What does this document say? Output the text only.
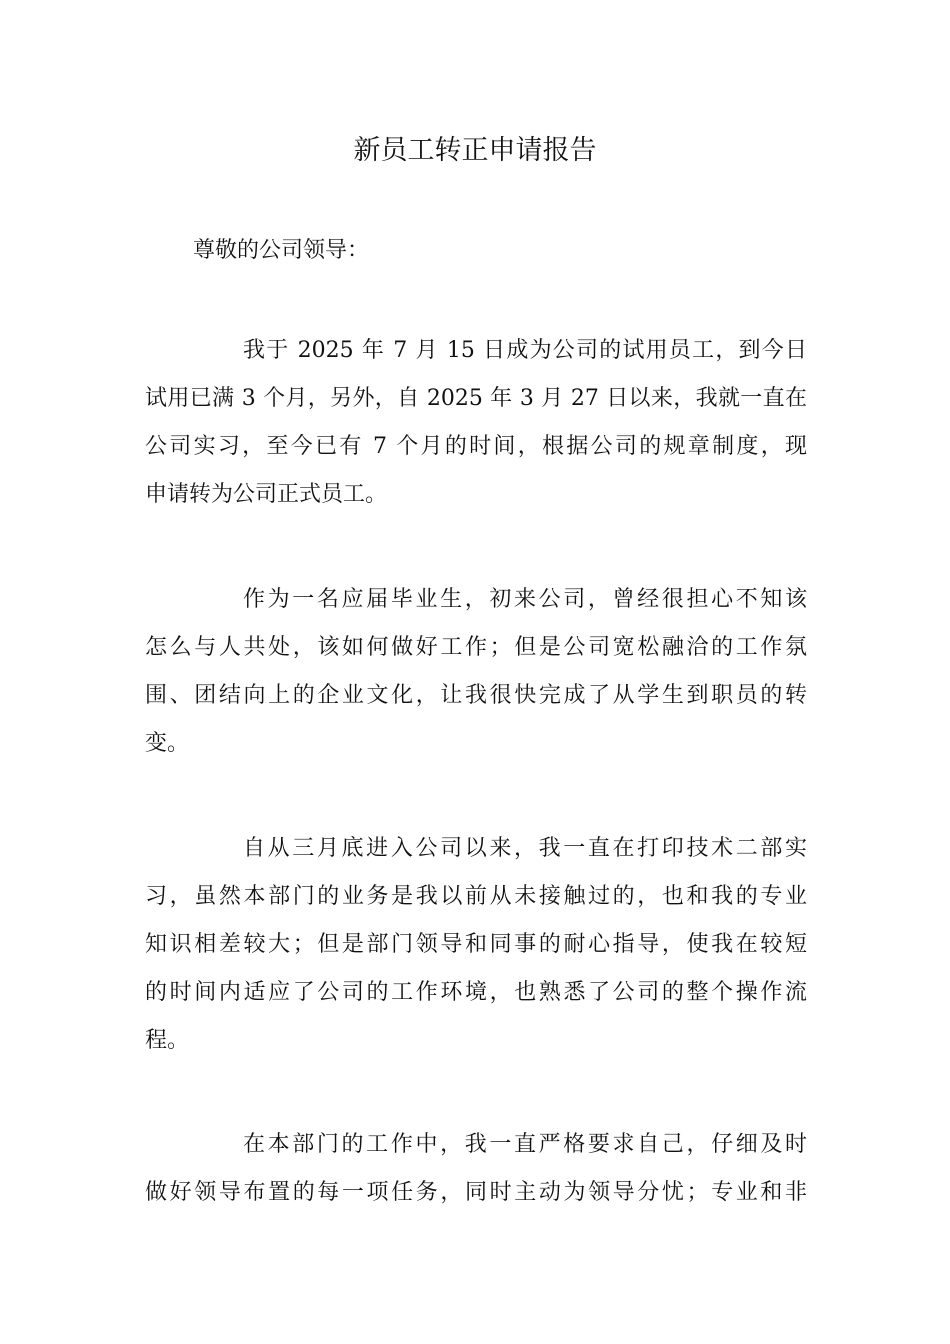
新员工转正申请报告
尊敬的公司领导：
我于 2025 年 7 月 15 日成为公司的试用员工，到今日
试用已满 3 个月，另外，自 2025 年 3 月 27 日以来，我就一直在
公司实习，至今已有 7 个月的时间，根据公司的规章制度，现
申请转为公司正式员工。
作为一名应届毕业生，初来公司，曾经很担心不知该
怎么与人共处，该如何做好工作；但是公司宽松融洽的工作氛
围、团结向上的企业文化，让我很快完成了从学生到职员的转
变。
自从三月底进入公司以来，我一直在打印技术二部实
习，虽然本部门的业务是我以前从未接触过的，也和我的专业
知识相差较大；但是部门领导和同事的耐心指导，使我在较短
的时间内适应了公司的工作环境，也熟悉了公司的整个操作流
程。
在本部门的工作中，我一直严格要求自己，仔细及时
做好领导布置的每一项任务，同时主动为领导分忧；专业和非
